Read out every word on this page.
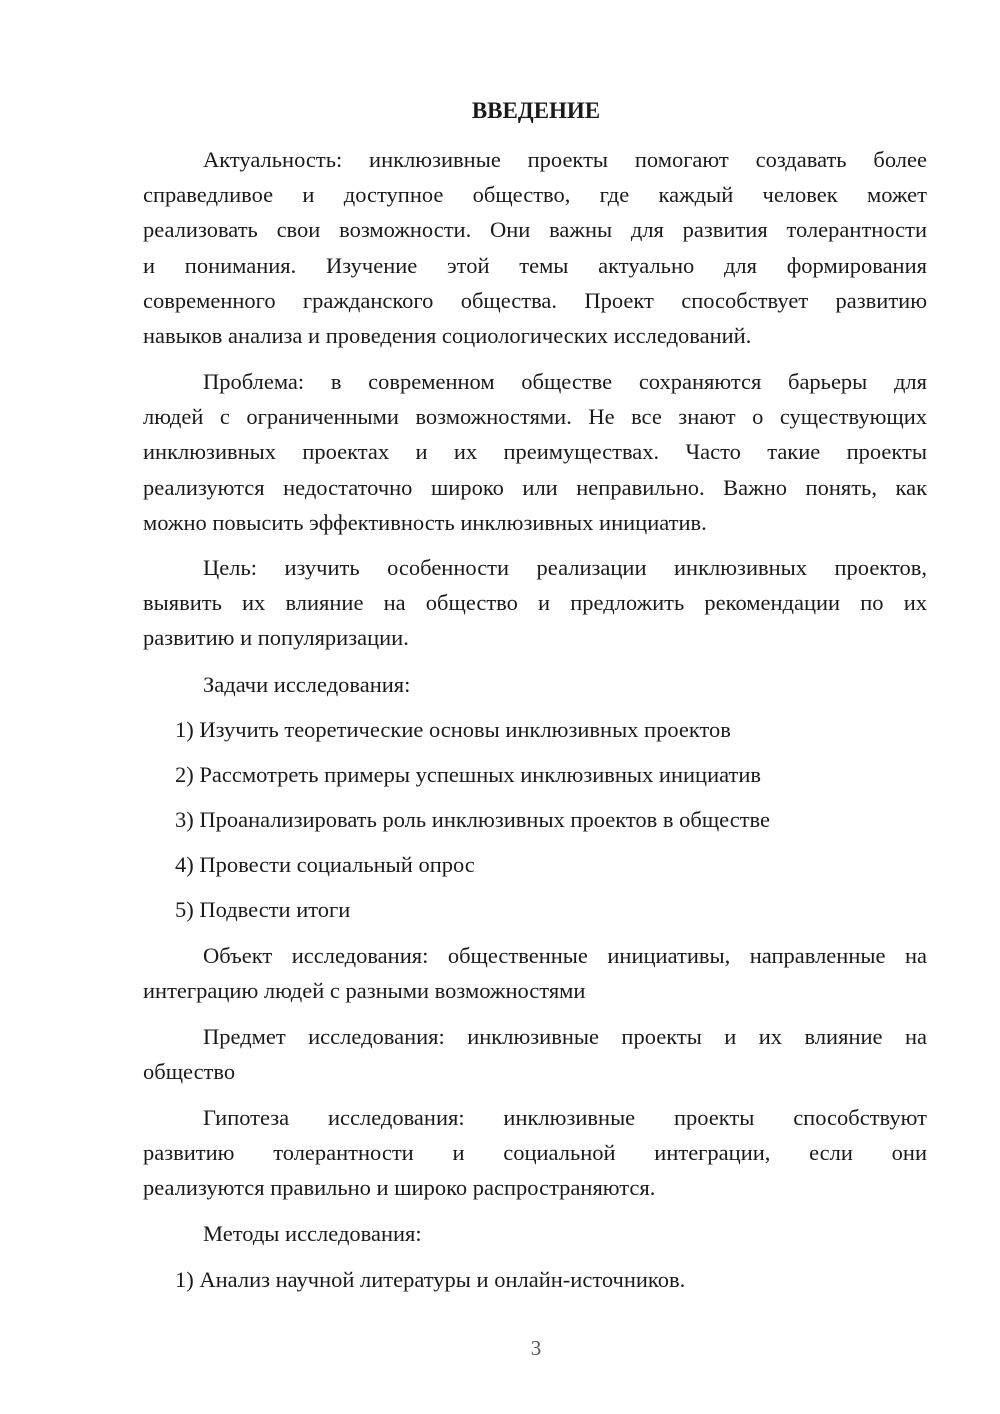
ВВЕДЕНИЕ
Актуальность: инклюзивные проекты помогают создавать более
справедливое и доступное общество, где каждый человек может
реализовать свои возможности. Они важны для развития толерантности
и понимания. Изучение этой темы актуально для формирования
современного гражданского общества. Проект способствует развитию
навыков анализа и проведения социологических исследований.
Проблема: в современном обществе сохраняются барьеры для
людей с ограниченными возможностями. Не все знают о существующих
инклюзивных проектах и их преимуществах. Часто такие проекты
реализуются недостаточно широко или неправильно. Важно понять, как
можно повысить эффективность инклюзивных инициатив.
Цель: изучить особенности реализации инклюзивных проектов,
выявить их влияние на общество и предложить рекомендации по их
развитию и популяризации.
Задачи исследования:
1) Изучить теоретические основы инклюзивных проектов
2) Рассмотреть примеры успешных инклюзивных инициатив
3) Проанализировать роль инклюзивных проектов в обществе
4) Провести социальный опрос
5) Подвести итоги
Объект исследования: общественные инициативы, направленные на
интеграцию людей с разными возможностями
Предмет исследования: инклюзивные проекты и их влияние на
общество
Гипотеза исследования: инклюзивные проекты способствуют
развитию толерантности и социальной интеграции, если они
реализуются правильно и широко распространяются.
Методы исследования:
1) Анализ научной литературы и онлайн-источников.
3
